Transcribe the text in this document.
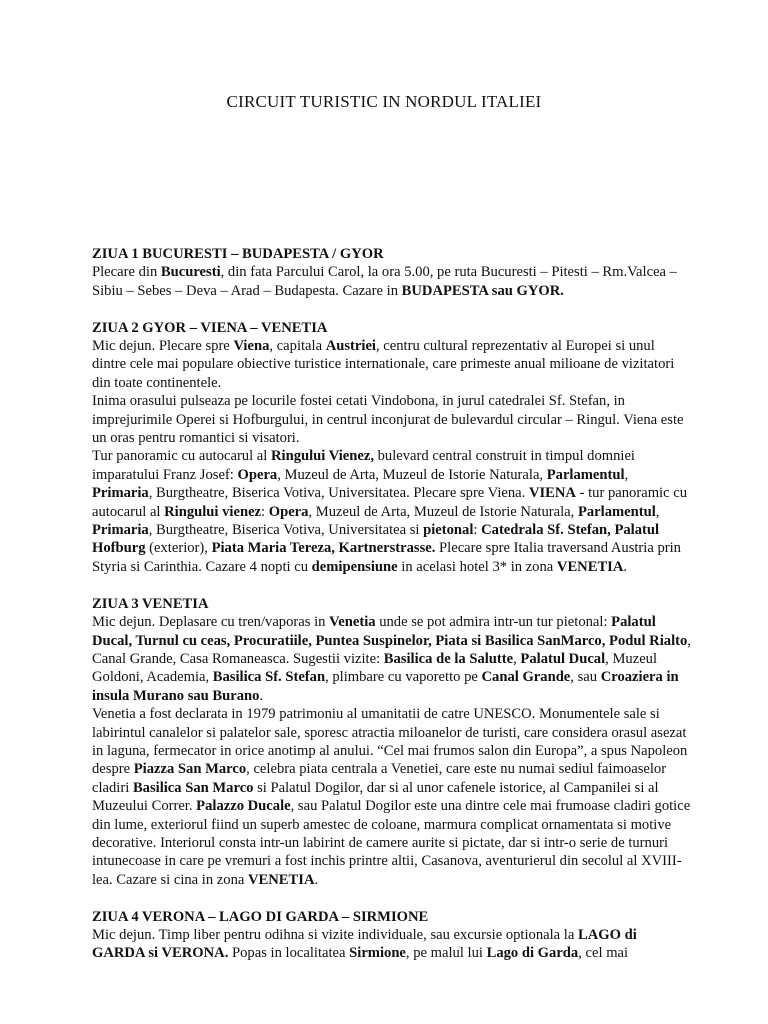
CIRCUIT TURISTIC IN NORDUL ITALIEI
ZIUA 1 BUCURESTI – BUDAPESTA / GYOR

Plecare din Bucuresti, din fata Parcului Carol, la ora 5.00, pe ruta Bucuresti – Pitesti – Rm.Valcea – Sibiu – Sebes – Deva – Arad – Budapesta. Cazare in BUDAPESTA sau GYOR.

ZIUA 2 GYOR – VIENA – VENETIA

Mic dejun. Plecare spre Viena, capitala Austriei, centru cultural reprezentativ al Europei si unul dintre cele mai populare obiective turistice internationale, care primeste anual milioane de vizitatori din toate continentele.

Inima orasului pulseaza pe locurile fostei cetati Vindobona, in jurul catedralei Sf. Stefan, in imprejurimile Operei si Hofburgului, in centrul inconjurat de bulevardul circular – Ringul. Viena este un oras pentru romantici si visatori.

Tur panoramic cu autocarul al Ringului Vienez, bulevard central construit in timpul domniei imparatului Franz Josef: Opera, Muzeul de Arta, Muzeul de Istorie Naturala, Parlamentul, Primaria, Burgtheatre, Biserica Votiva, Universitatea. Plecare spre Viena. VIENA - tur panoramic cu autocarul al Ringului vienez: Opera, Muzeul de Arta, Muzeul de Istorie Naturala, Parlamentul, Primaria, Burgtheatre, Biserica Votiva, Universitatea si pietonal: Catedrala Sf. Stefan, Palatul Hofburg (exterior), Piata Maria Tereza, Kartnerstrasse. Plecare spre Italia traversand Austria prin Styria si Carinthia. Cazare 4 nopti cu demipensiune in acelasi hotel 3* in zona VENETIA.

ZIUA 3 VENETIA

Mic dejun. Deplasare cu tren/vaporas in Venetia unde se pot admira intr-un tur pietonal: Palatul Ducal, Turnul cu ceas, Procuratiile, Puntea Suspinelor, Piata si Basilica SanMarco, Podul Rialto, Canal Grande, Casa Romaneasca. Sugestii vizite: Basilica de la Salutte, Palatul Ducal, Muzeul Goldoni, Academia, Basilica Sf. Stefan, plimbare cu vaporetto pe Canal Grande, sau Croaziera in insula Murano sau Burano.

Venetia a fost declarata in 1979 patrimoniu al umanitatii de catre UNESCO. Monumentele sale si labirintul canalelor si palatelor sale, sporesc atractia miloanelor de turisti, care considera orasul asezat in laguna, fermecator in orice anotimp al anului. “Cel mai frumos salon din Europa”, a spus Napoleon despre Piazza San Marco, celebra piata centrala a Venetiei, care este nu numai sediul faimoaselor cladiri Basilica San Marco si Palatul Dogilor, dar si al unor cafenele istorice, al Campanilei si al Muzeului Correr. Palazzo Ducale, sau Palatul Dogilor este una dintre cele mai frumoase cladiri gotice din lume, exteriorul fiind un superb amestec de coloane, marmura complicat ornamentata si motive decorative. Interiorul consta intr-un labirint de camere aurite si pictate, dar si intr-o serie de turnuri intunecoase in care pe vremuri a fost inchis printre altii, Casanova, aventurierul din secolul al XVIII-lea. Cazare si cina in zona VENETIA.

ZIUA 4 VERONA – LAGO DI GARDA – SIRMIONE

Mic dejun. Timp liber pentru odihna si vizite individuale, sau excursie optionala la LAGO di GARDA si VERONA. Popas in localitatea Sirmione, pe malul lui Lago di Garda, cel mai
